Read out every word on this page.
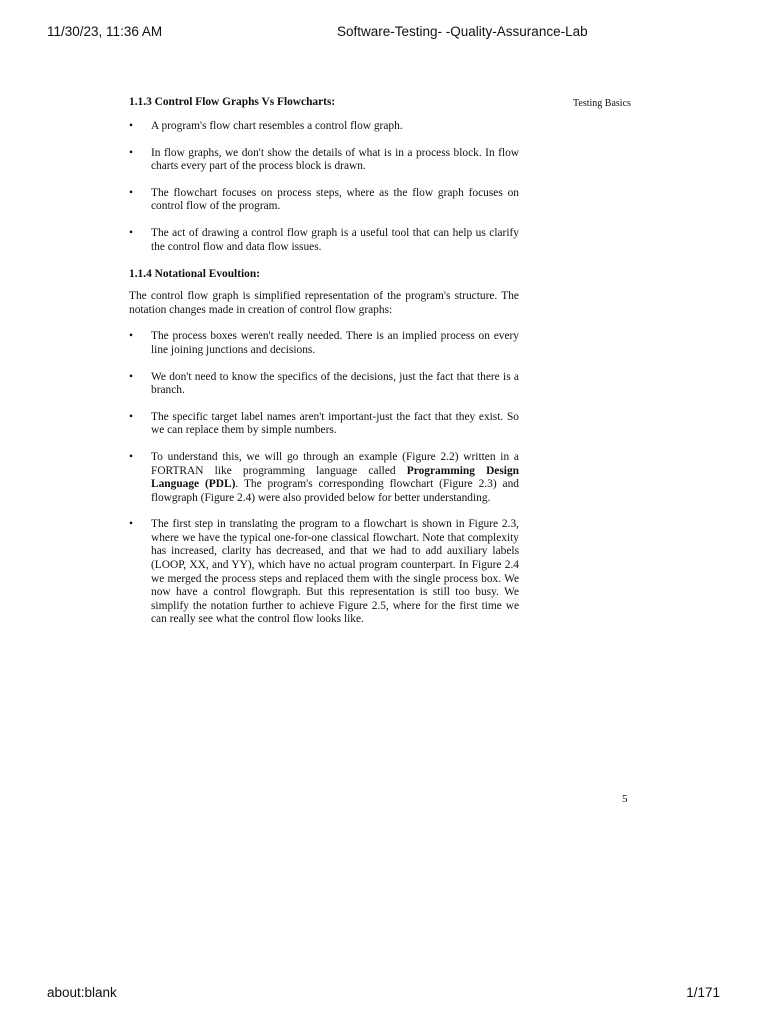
11/30/23, 11:36 AM	Software-Testing- -Quality-Assurance-Lab
Testing Basics
1.1.3 Control Flow Graphs Vs Flowcharts:
• A program's flow chart resembles a control flow graph.
• In flow graphs, we don't show the details of what is in a process block. In flow charts every part of the process block is drawn.
• The flowchart focuses on process steps, where as the flow graph focuses on control flow of the program.
• The act of drawing a control flow graph is a useful tool that can help us clarify the control flow and data flow issues.
1.1.4 Notational Evoultion:

The control flow graph is simplified representation of the program's structure. The notation changes made in creation of control flow graphs:

• The process boxes weren't really needed. There is an implied process on every line joining junctions and decisions.
• We don't need to know the specifics of the decisions, just the fact that there is a branch.
• The specific target label names aren't important-just the fact that they exist. So we can replace them by simple numbers.
• To understand this, we will go through an example (Figure 2.2) written in a FORTRAN like programming language called Programming Design Language (PDL). The program's corresponding flowchart (Figure 2.3) and flowgraph (Figure 2.4) were also provided below for better understanding.
• The first step in translating the program to a flowchart is shown in Figure 2.3, where we have the typical one-for-one classical flowchart. Note that complexity has increased, clarity has decreased, and that we had to add auxiliary labels (LOOP, XX, and YY), which have no actual program counterpart. In Figure 2.4 we merged the process steps and replaced them with the single process box. We now have a control flowgraph. But this representation is still too busy. We simplify the notation further to achieve Figure 2.5, where for the first time we can really see what the control flow looks like.
5
about:blank	1/171
